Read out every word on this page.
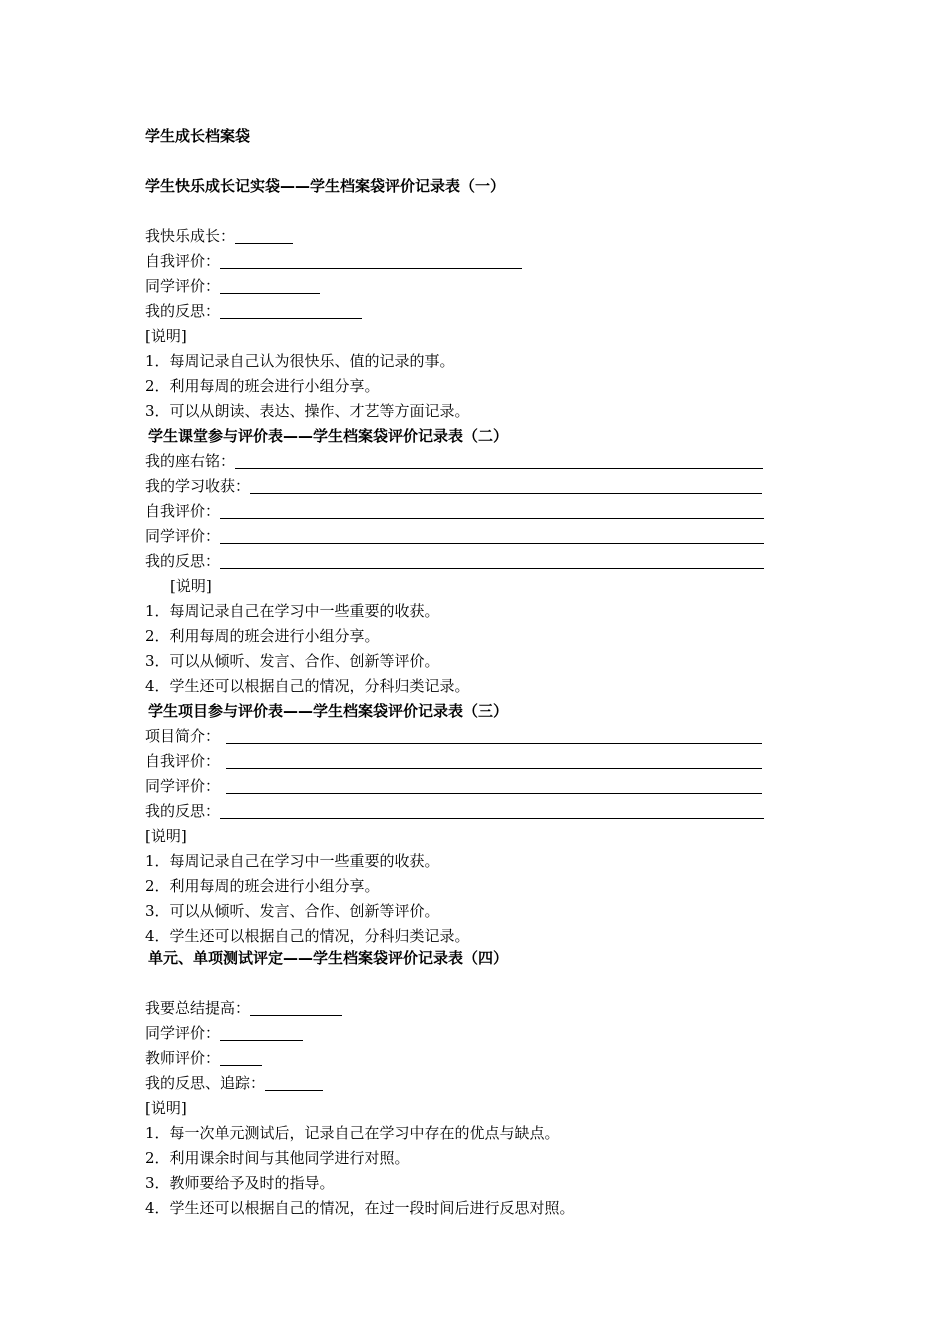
学生成长档案袋
学生快乐成长记实袋——学生档案袋评价记录表（一）
我快乐成长：
自我评价：
同学评价：
我的反思：
[说明]
1．每周记录自己认为很快乐、值的记录的事。
2．利用每周的班会进行小组分享。
3．可以从朗读、表达、操作、才艺等方面记录。
学生课堂参与评价表——学生档案袋评价记录表（二）
我的座右铭：
我的学习收获：
自我评价：
同学评价：
我的反思：
[说明]
1．每周记录自己在学习中一些重要的收获。
2．利用每周的班会进行小组分享。
3．可以从倾听、发言、合作、创新等评价。
4．学生还可以根据自己的情况，分科归类记录。
学生项目参与评价表——学生档案袋评价记录表（三）
项目简介：
自我评价：
同学评价：
我的反思：
[说明]
1．每周记录自己在学习中一些重要的收获。
2．利用每周的班会进行小组分享。
3．可以从倾听、发言、合作、创新等评价。
4．学生还可以根据自己的情况，分科归类记录。
单元、单项测试评定——学生档案袋评价记录表（四）
我要总结提高：
同学评价：
教师评价：
我的反思、追踪：
[说明]
1．每一次单元测试后，记录自己在学习中存在的优点与缺点。
2．利用课余时间与其他同学进行对照。
3．教师要给予及时的指导。
4．学生还可以根据自己的情况，在过一段时间后进行反思对照。
